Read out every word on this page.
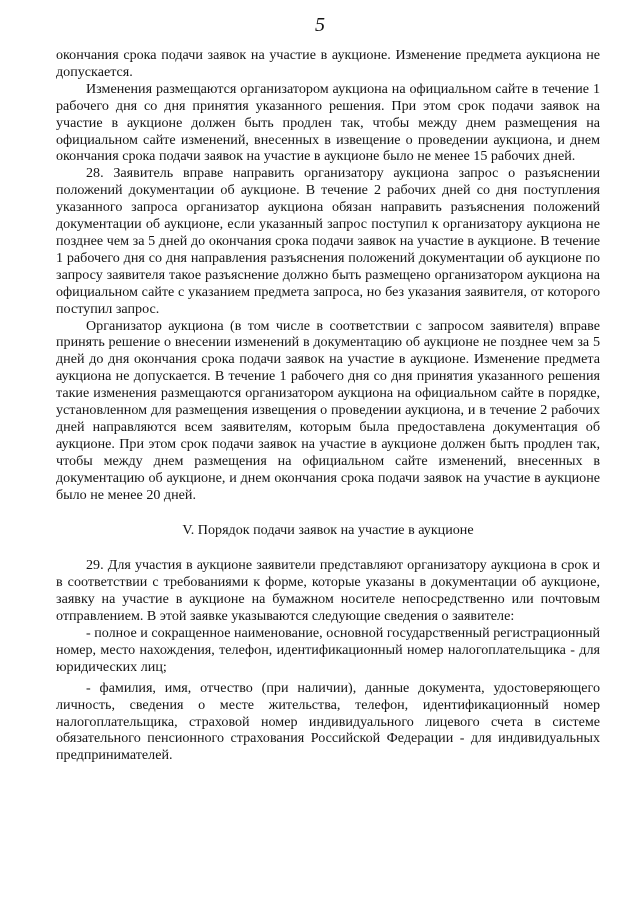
5

окончания срока подачи заявок на участие в аукционе. Изменение предмета аукциона не допускается.

Изменения размещаются организатором аукциона на официальном сайте в течение 1 рабочего дня со дня принятия указанного решения. При этом срок подачи заявок на участие в аукционе должен быть продлен так, чтобы между днем размещения на официальном сайте изменений, внесенных в извещение о проведении аукциона, и днем окончания срока подачи заявок на участие в аукционе было не менее 15 рабочих дней.

28. Заявитель вправе направить организатору аукциона запрос о разъяснении положений документации об аукционе. В течение 2 рабочих дней со дня поступления указанного запроса организатор аукциона обязан направить разъяснения положений документации об аукционе, если указанный запрос поступил к организатору аукциона не позднее чем за 5 дней до окончания срока подачи заявок на участие в аукционе. В течение 1 рабочего дня со дня направления разъяснения положений документации об аукционе по запросу заявителя такое разъяснение должно быть размещено организатором аукциона на официальном сайте с указанием предмета запроса, но без указания заявителя, от которого поступил запрос.

Организатор аукциона (в том числе в соответствии с запросом заявителя) вправе принять решение о внесении изменений в документацию об аукционе не позднее чем за 5 дней до дня окончания срока подачи заявок на участие в аукционе. Изменение предмета аукциона не допускается. В течение 1 рабочего дня со дня принятия указанного решения такие изменения размещаются организатором аукциона на официальном сайте в порядке, установленном для размещения извещения о проведении аукциона, и в течение 2 рабочих дней направляются всем заявителям, которым была предоставлена документация об аукционе. При этом срок подачи заявок на участие в аукционе должен быть продлен так, чтобы между днем размещения на официальном сайте изменений, внесенных в документацию об аукционе, и днем окончания срока подачи заявок на участие в аукционе было не менее 20 дней.

V. Порядок подачи заявок на участие в аукционе

29. Для участия в аукционе заявители представляют организатору аукциона в срок и в соответствии с требованиями к форме, которые указаны в документации об аукционе, заявку на участие в аукционе на бумажном носителе непосредственно или почтовым отправлением. В этой заявке указываются следующие сведения о заявителе:

- полное и сокращенное наименование, основной государственный регистрационный номер, место нахождения, телефон, идентификационный номер налогоплательщика - для юридических лиц;

- фамилия, имя, отчество (при наличии), данные документа, удостоверяющего личность, сведения о месте жительства, телефон, идентификационный номер налогоплательщика, страховой номер индивидуального лицевого счета в системе обязательного пенсионного страхования Российской Федерации - для индивидуальных предпринимателей.
